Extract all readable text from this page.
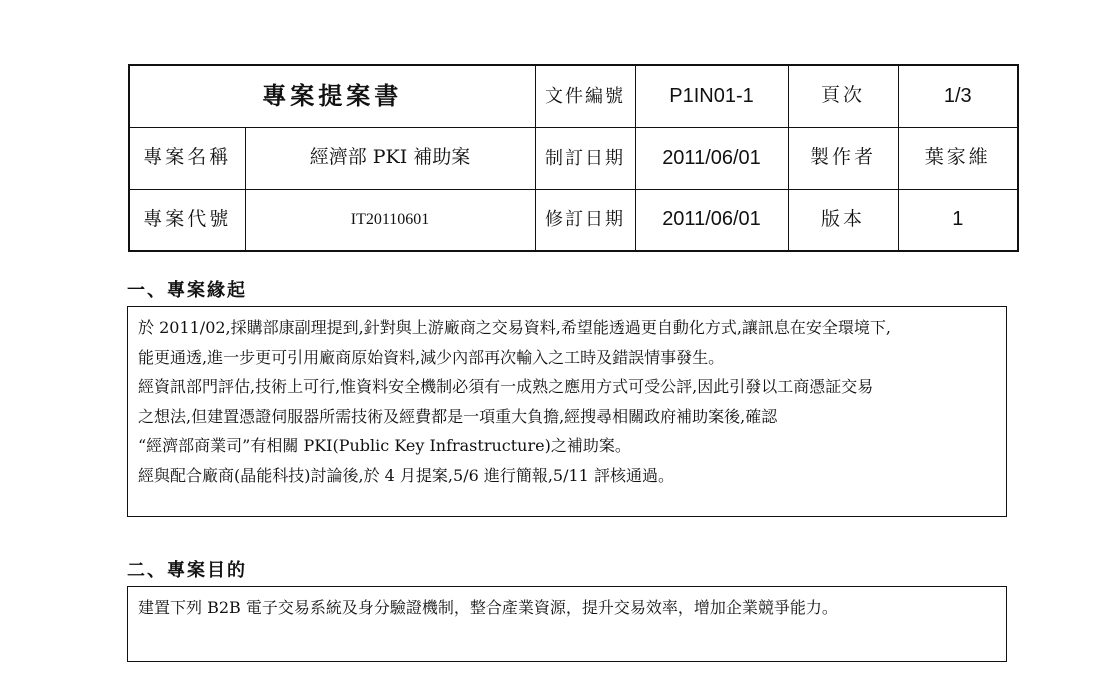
專案提案書		文件編號	P1IN01-1	頁次	1/3
專案名稱	經濟部 PKI 補助案	制訂日期	2011/06/01	製作者	葉家維
專案代號	IT20110601	修訂日期	2011/06/01	版本	1
一、專案緣起

於 2011/02,採購部康副理提到,針對與上游廠商之交易資料,希望能透過更自動化方式,讓訊息在安全環境下,

能更通透,進一步更可引用廠商原始資料,減少內部再次輸入之工時及錯誤情事發生。

經資訊部門評估,技術上可行,惟資料安全機制必須有一成熟之應用方式可受公評,因此引發以工商憑証交易

之想法,但建置憑證伺服器所需技術及經費都是一項重大負擔,經搜尋相關政府補助案後,確認

“經濟部商業司”有相關 PKI(Public Key Infrastructure)之補助案。

經與配合廠商(晶能科技)討論後,於 4 月提案,5/6 進行簡報,5/11 評核通過。

二、專案目的

建置下列 B2B 電子交易系統及身分驗證機制，整合產業資源，提升交易效率，增加企業競爭能力。
